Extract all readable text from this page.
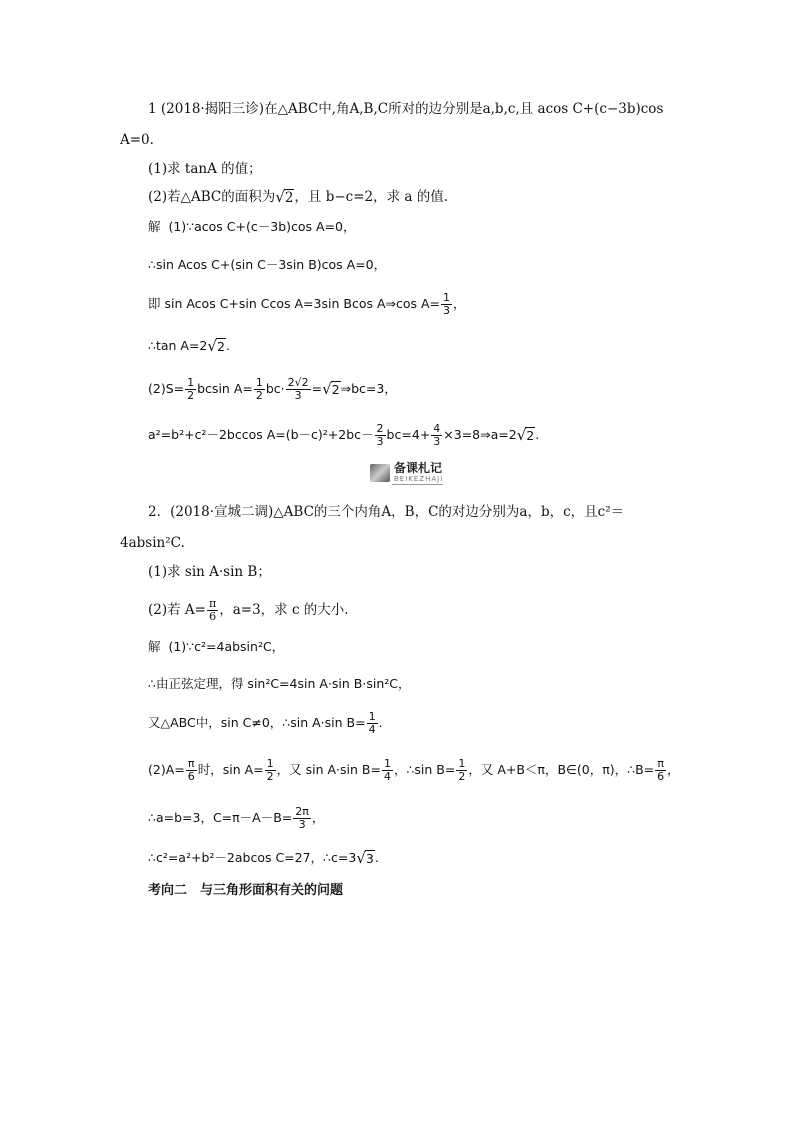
1 (2018·揭阳三诊)在△ABC中,角A,B,C所对的边分别是a,b,c,且 acos C+(c−3b)cos
A=0.
(1)求 tanA 的值；
(2)若△ABC的面积为√2，且 b−c=2，求 a 的值.
解 (1)∵acos C+(c－3b)cos A=0，
∴sin Acos C+(sin C－3sin B)cos A=0，
即 sin Acos C+sin Ccos A=3sin Bcos A⇒cos $A= \frac{1}{3}$ ，
∴tan A=2√2.
$(2)S= \frac{1}{2}$ bcsin $A= \frac{1}{2} bc\cdot \frac{2√2}{3}$ =√2⇒bc=3，
a²=b²+c²－2bccos $A=(b-c)^2+2bc- \frac{2}{3} bc=4+ \frac{4}{3}$ ×3=8⇒a=2√2.
备课札记
BEIKEZHAJI
2．(2018·宣城二调)△ABC的三个内角A，B，C的对边分别为a，b，c，且c²＝
4absin²C.
(1)求 sin A·sin B；
(2)若 $A= \frac{\pi}{6}$ ，a=3，求 c 的大小.
解 (1)∵c²=4absin²C，
∴由正弦定理，得 sin²C=4sin A·sin B·sin²C，
又△ABC中，sin C≠0，∴sin A·sin $B= \frac{1}{4}$ .
$(2)A= \frac{\pi}{6}$ 时，$\sin A= \frac{1}{2}$ ，又 sin A·sin $B= \frac{1}{4}$ ，∴sin $B= \frac{1}{2}$ ，又 A+B＜π，B∈(0，π)，∴B= $\frac{\pi}{6}$ ，
∴a=b=3，$C=\pi-A-B= \frac{2\pi}{3}$ ，
∴c²=a²+b²－2abcos C=27，∴c=3√3.
考向二　与三角形面积有关的问题
